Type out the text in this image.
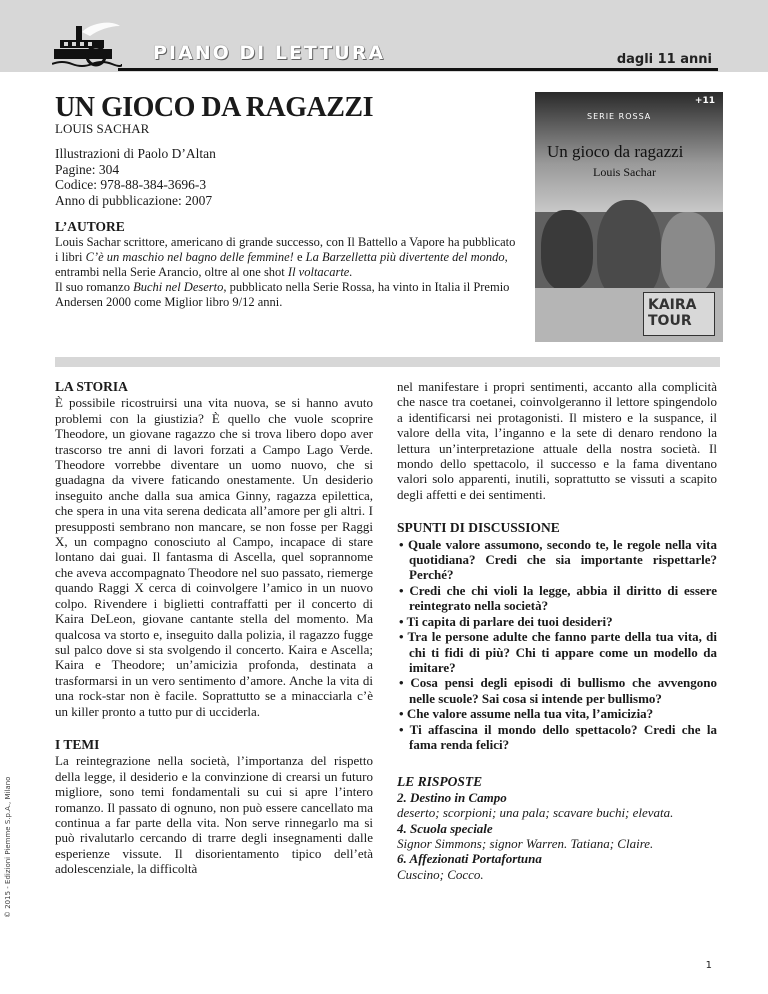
PIANO DI LETTURA	dagli 11 anni
UN GIOCO DA RAGAZZI
LOUIS SACHAR
Illustrazioni di Paolo D’Altan
Pagine: 304
Codice: 978-88-384-3696-3
Anno di pubblicazione: 2007
+11
SERIE ROSSA
Un gioco da ragazzi
Louis Sachar
KAIRA TOUR
L’AUTORE
Louis Sachar scrittore, americano di grande successo, con Il Battello a Vapore ha pubblicato i libri C’è un maschio nel bagno delle femmine! e La Barzelletta più divertente del mondo, entrambi nella Serie Arancio, oltre al one shot Il voltacarte.
Il suo romanzo Buchi nel Deserto, pubblicato nella Serie Rossa, ha vinto in Italia il Premio Andersen 2000 come Miglior libro 9/12 anni.
LA STORIA
È possibile ricostruirsi una vita nuova, se si hanno avuto problemi con la giustizia? È quello che vuole scoprire Theodore, un giovane ragazzo che si trova libero dopo aver trascorso tre anni di lavori forzati a Campo Lago Verde. Theodore vorrebbe diventare un uomo nuovo, che si guadagna da vivere faticando onestamente. Un desiderio inseguito anche dalla sua amica Ginny, ragazza epilettica, che spera in una vita serena dedicata all’amore per gli altri. I presupposti sembrano non mancare, se non fosse per Raggi X, un compagno conosciuto al Campo, incapace di stare lontano dai guai. Il fantasma di Ascella, quel soprannome che aveva accompagnato Theodore nel suo passato, riemerge quando Raggi X cerca di coinvolgere l’amico in un nuovo colpo. Rivendere i biglietti contraffatti per il concerto di Kaira DeLeon, giovane cantante stella del momento. Ma qualcosa va storto e, inseguito dalla polizia, il ragazzo fugge sul palco dove si sta svolgendo il concerto. Kaira e Ascella; Kaira e Theodore; un’amicizia profonda, destinata a trasformarsi in un vero sentimento d’amore. Anche la vita di una rock-star non è facile. Soprattutto se a minacciarla c’è un killer pronto a tutto pur di ucciderla.
I TEMI
La reintegrazione nella società, l’importanza del rispetto della legge, il desiderio e la convinzione di crearsi un futuro migliore, sono temi fondamentali su cui si apre l’intero romanzo. Il passato di ognuno, non può essere cancellato ma continua a far parte della vita. Non serve rinnegarlo ma si può rivalutarlo cercando di trarre degli insegnamenti dalle esperienze vissute. Il disorientamento tipico dell’età adolescenziale, la difficoltà
nel manifestare i propri sentimenti, accanto alla complicità che nasce tra coetanei, coinvolgeranno il lettore spingendolo a identificarsi nei protagonisti. Il mistero e la suspance, il valore della vita, l’inganno e la sete di denaro rendono la lettura un’interpretazione attuale della nostra società. Il mondo dello spettacolo, il successo e la fama diventano valori solo apparenti, inutili, soprattutto se vissuti a scapito degli affetti e dei sentimenti.
SPUNTI DI DISCUSSIONE
• Quale valore assumono, secondo te, le regole nella vita quotidiana? Credi che sia importante rispettarle? Perché?
• Credi che chi violi la legge, abbia il diritto di essere reintegrato nella società?
• Ti capita di parlare dei tuoi desideri?
• Tra le persone adulte che fanno parte della tua vita, di chi ti fidi di più? Chi ti appare come un modello da imitare?
• Cosa pensi degli episodi di bullismo che avvengono nelle scuole? Sai cosa si intende per bullismo?
• Che valore assume nella tua vita, l’amicizia?
• Ti affascina il mondo dello spettacolo? Credi che la fama renda felici?
LE RISPOSTE
2. Destino in Campo
deserto; scorpioni; una pala; scavare buchi; elevata.
4. Scuola speciale
Signor Simmons; signor Warren. Tatiana; Claire.
6. Affezionati Portafortuna
Cuscino; Cocco.
© 2015 - Edizioni Piemme S.p.A., Milano
1
